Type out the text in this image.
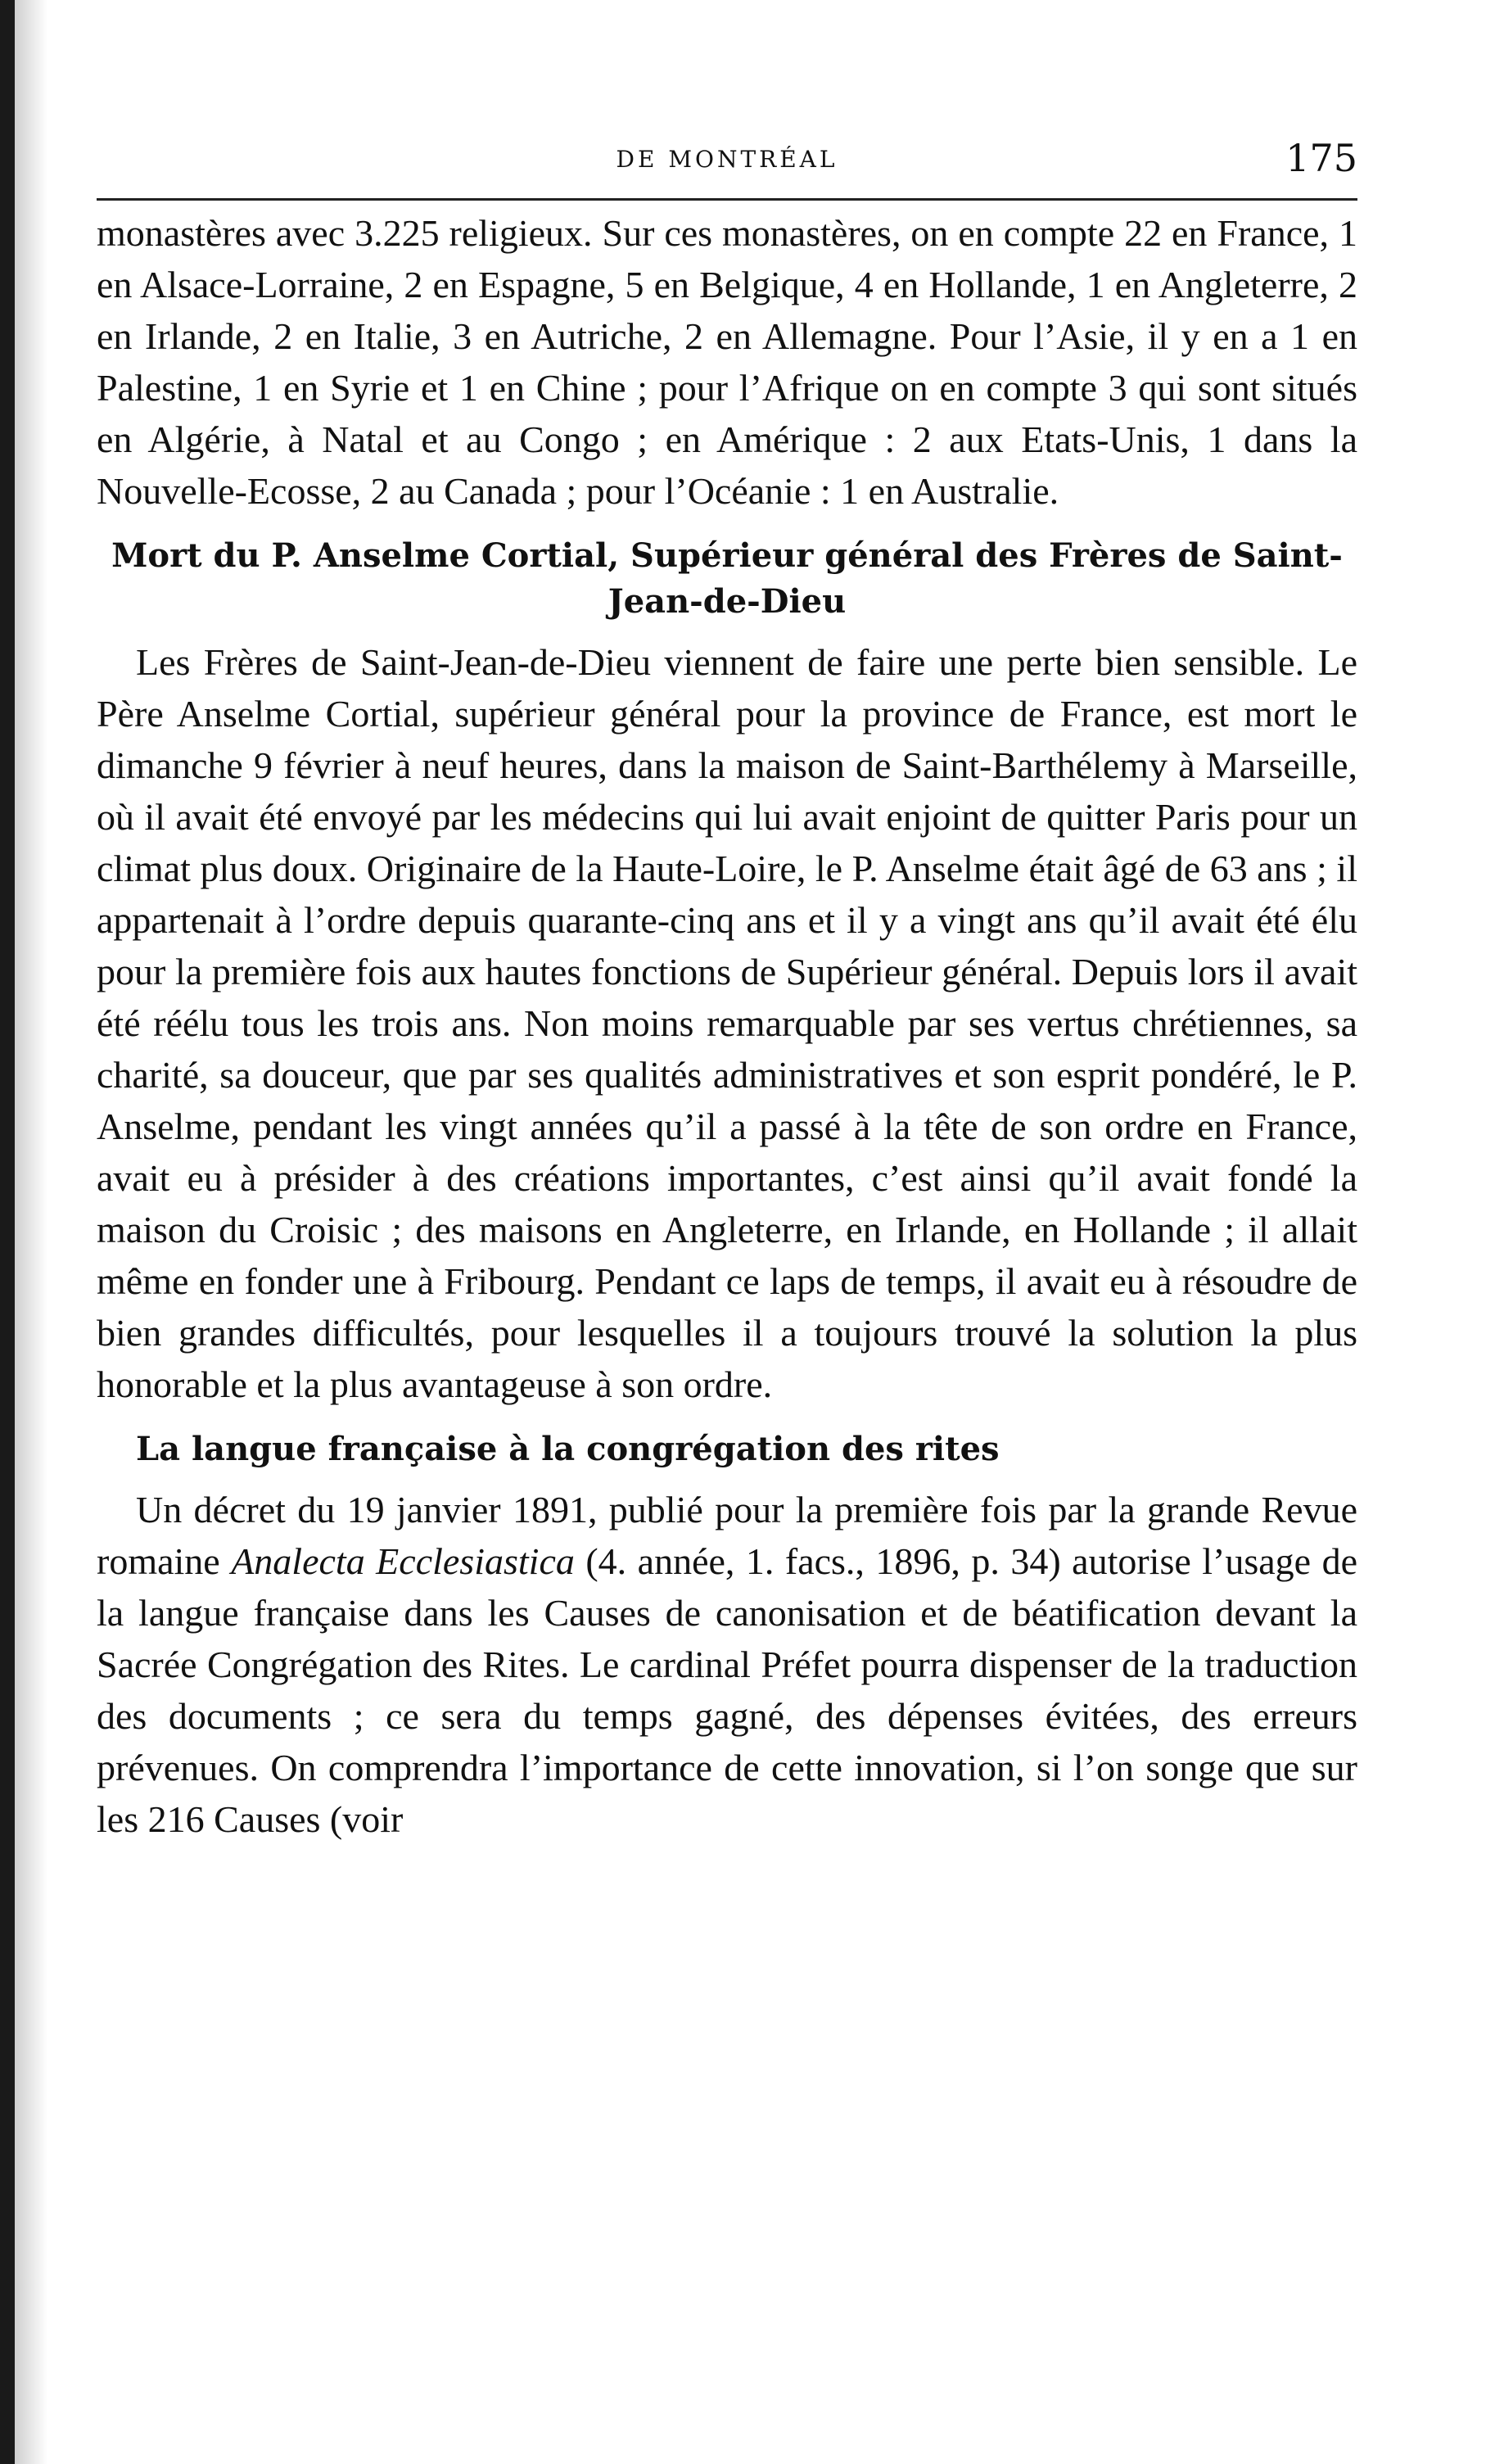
DE MONTRÉAL	175

monastères avec 3.225 religieux. Sur ces monastères, on en compte 22 en France, 1 en Alsace-Lorraine, 2 en Espagne, 5 en Belgique, 4 en Hollande, 1 en Angleterre, 2 en Irlande, 2 en Italie, 3 en Autriche, 2 en Allemagne. Pour l’Asie, il y en a 1 en Palestine, 1 en Syrie et 1 en Chine ; pour l’Afrique on en compte 3 qui sont situés en Algérie, à Natal et au Congo ; en Amérique : 2 aux Etats-Unis, 1 dans la Nouvelle-Ecosse, 2 au Canada ; pour l’Océanie : 1 en Australie.

Mort du P. Anselme Cortial, Supérieur général des Frères de Saint-Jean-de-Dieu

Les Frères de Saint-Jean-de-Dieu viennent de faire une perte bien sensible. Le Père Anselme Cortial, supérieur général pour la province de France, est mort le dimanche 9 février à neuf heures, dans la maison de Saint-Barthélemy à Marseille, où il avait été envoyé par les médecins qui lui avait enjoint de quitter Paris pour un climat plus doux. Originaire de la Haute-Loire, le P. Anselme était âgé de 63 ans ; il appartenait à l’ordre depuis quarante-cinq ans et il y a vingt ans qu’il avait été élu pour la première fois aux hautes fonctions de Supérieur général. Depuis lors il avait été réélu tous les trois ans. Non moins remarquable par ses vertus chrétiennes, sa charité, sa douceur, que par ses qualités administratives et son esprit pondéré, le P. Anselme, pendant les vingt années qu’il a passé à la tête de son ordre en France, avait eu à présider à des créations importantes, c’est ainsi qu’il avait fondé la maison du Croisic ; des maisons en Angleterre, en Irlande, en Hollande ; il allait même en fonder une à Fribourg. Pendant ce laps de temps, il avait eu à résoudre de bien grandes difficultés, pour lesquelles il a toujours trouvé la solution la plus honorable et la plus avantageuse à son ordre.

La langue française à la congrégation des rites

Un décret du 19 janvier 1891, publié pour la première fois par la grande Revue romaine Analecta Ecclesiastica (4. année, 1. facs., 1896, p. 34) autorise l’usage de la langue française dans les Causes de canonisation et de béatification devant la Sacrée Congrégation des Rites. Le cardinal Préfet pourra dispenser de la traduction des documents ; ce sera du temps gagné, des dépenses évitées, des erreurs prévenues. On comprendra l’importance de cette innovation, si l’on songe que sur les 216 Causes (voir
